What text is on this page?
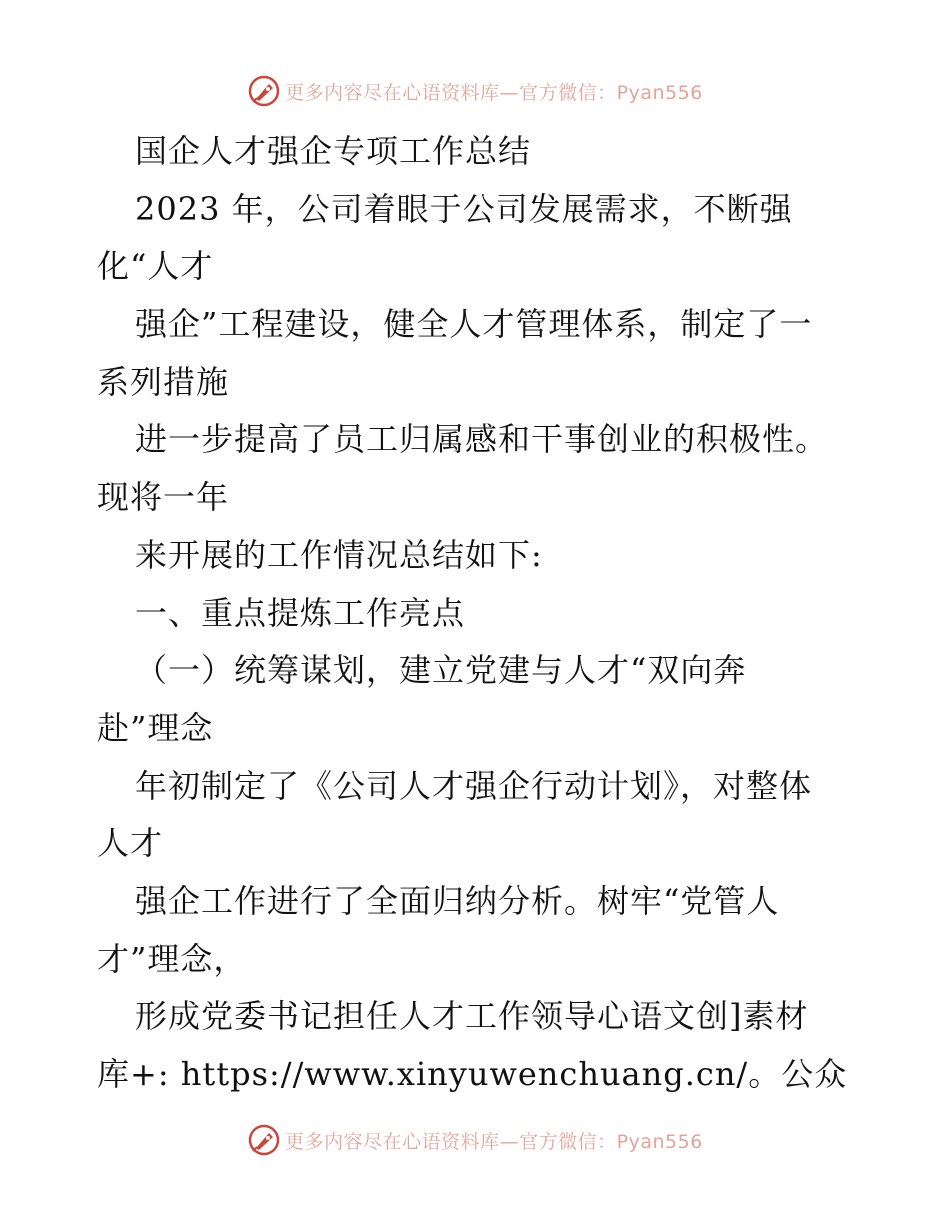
更多内容尽在心语资料库—官方微信：Pyan556
国企人才强企专项工作总结
2023 年，公司着眼于公司发展需求，不断强
化“人才
强企”工程建设，健全人才管理体系，制定了一
系列措施
进一步提高了员工归属感和干事创业的积极性。
现将一年
来开展的工作情况总结如下:
一、重点提炼工作亮点
（一）统筹谋划，建立党建与人才“双向奔
赴”理念
年初制定了《公司人才强企行动计划》，对整体
人才
强企工作进行了全面归纳分析。树牢“党管人
才”理念，
形成党委书记担任人才工作领导心语文创]素材
库+: https://www.xinyuwenchuang.cn/。公众
更多内容尽在心语资料库—官方微信：Pyan556
